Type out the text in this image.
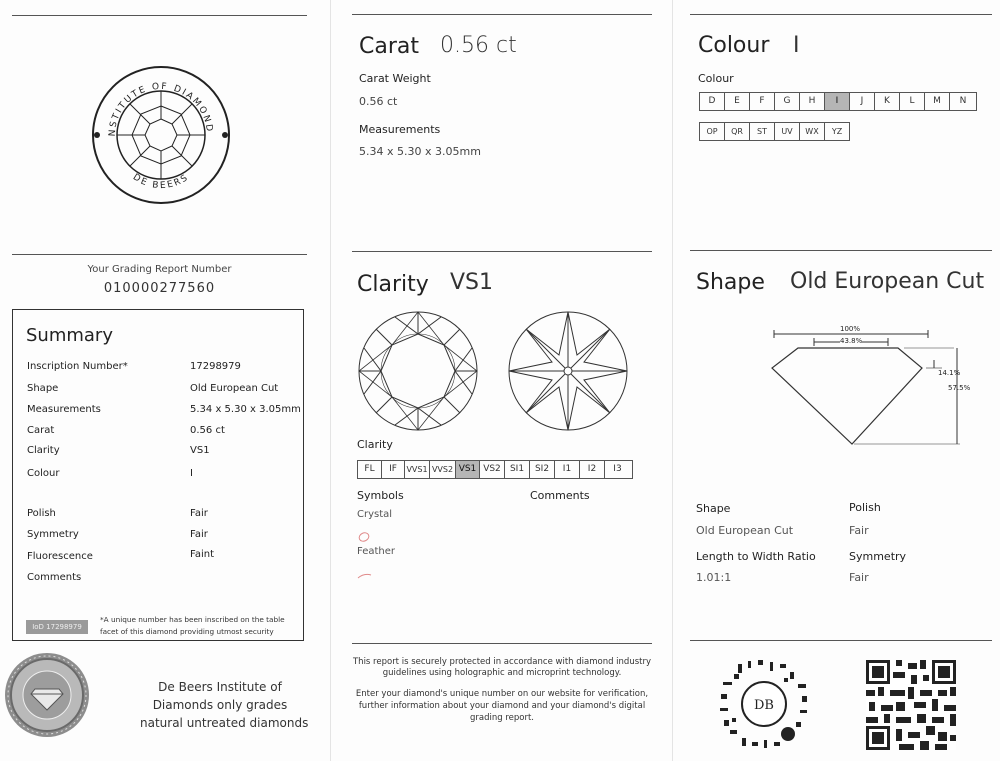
NSTITUTE OF DIAMOND
DE BEERS
Your Grading Report Number
010000277560
Summary
Inscription Number*	17298979
Shape	Old European Cut
Measurements	5.34 x 5.30 x 3.05mm
Carat	0.56 ct
Clarity	VS1
Colour	I
Polish	Fair
Symmetry	Fair
Fluorescence	Faint
Comments
IoD 17298979
*A unique number has been inscribed on the table
facet of this diamond providing utmost security
De Beers Institute of
Diamonds only grades
natural untreated diamonds
Carat 0.56 ct
Carat Weight
0.56 ct
Measurements
5.34 x 5.30 x 3.05mm
Clarity VS1
Clarity
FL	IF	VVS1 VVS2 VS1 VS2	SI1	SI2	I1	I2	I3
Symbols	Comments
Crystal
Feather
This report is securely protected in accordance with diamond industry
guidelines using holographic and microprint technology.
Enter your diamond's unique number on our website for verification,
further information about your diamond and your diamond's digital
grading report.
Colour I
Colour
D	E	F	G	H	I	J	K	L	M	N
OP	QR	ST	UV	WX	YZ
Shape Old European Cut
100%
43.8%
14.1%
57.5%
Shape
Old European Cut
Polish
Fair
Length to Width Ratio
1.01:1
Symmetry
Fair
DB
